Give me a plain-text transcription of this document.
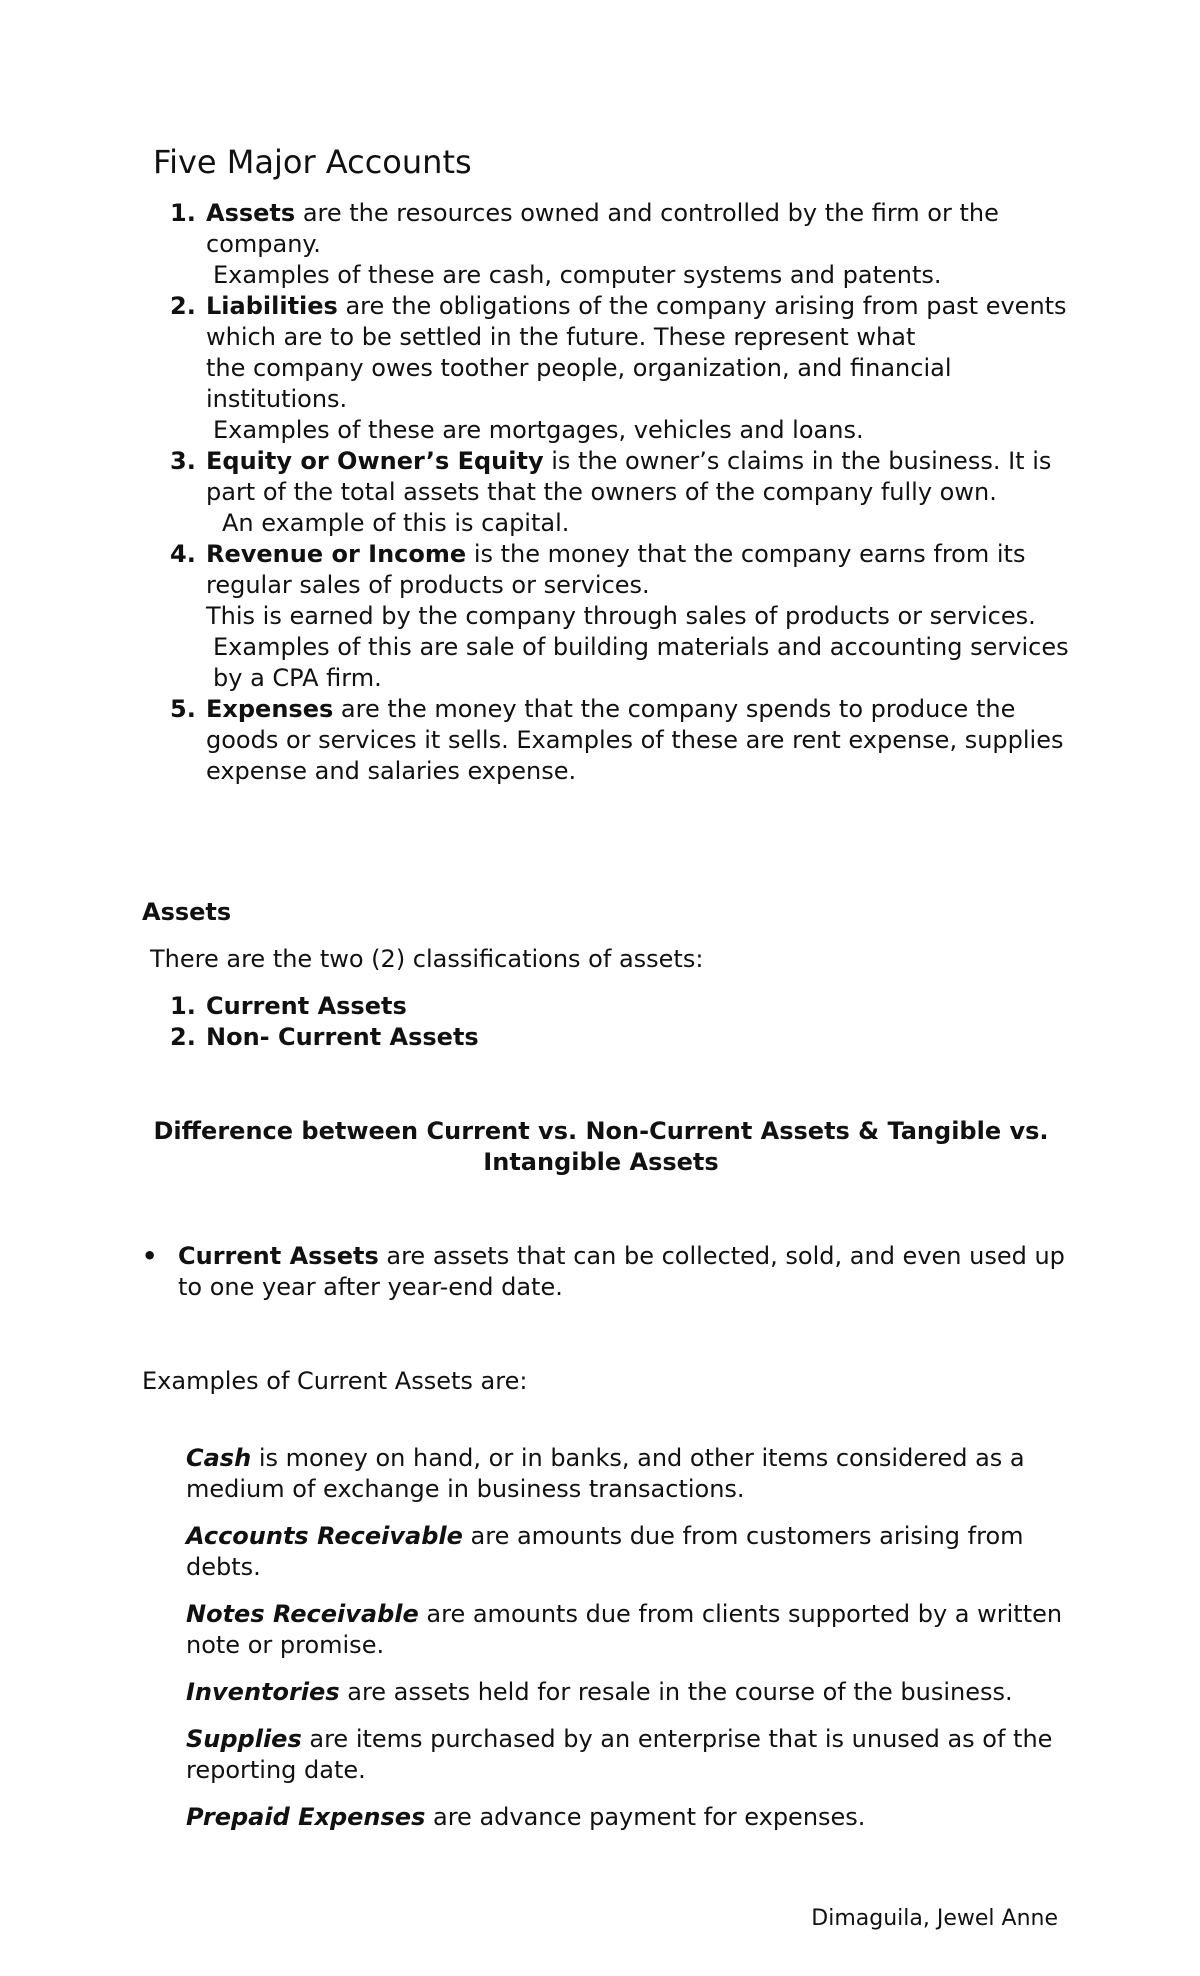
Five Major Accounts
1. Assets are the resources owned and controlled by the firm or the
company.
Examples of these are cash, computer systems and patents.
2. Liabilities are the obligations of the company arising from past events
which are to be settled in the future. These represent what
the company owes toother people, organization, and financial
institutions.
Examples of these are mortgages, vehicles and loans.
3. Equity or Owner’s Equity is the owner’s claims in the business. It is
part of the total assets that the owners of the company fully own.
An example of this is capital.
4. Revenue or Income is the money that the company earns from its
regular sales of products or services.
This is earned by the company through sales of products or services.
Examples of this are sale of building materials and accounting services
by a CPA firm.
5. Expenses are the money that the company spends to produce the
goods or services it sells. Examples of these are rent expense, supplies
expense and salaries expense.
Assets
There are the two (2) classifications of assets:
1. Current Assets
2. Non- Current Assets
Difference between Current vs. Non-Current Assets & Tangible vs.
Intangible Assets
• Current Assets are assets that can be collected, sold, and even used up
to one year after year-end date.
Examples of Current Assets are:
Cash is money on hand, or in banks, and other items considered as a
medium of exchange in business transactions.
Accounts Receivable are amounts due from customers arising from
debts.
Notes Receivable are amounts due from clients supported by a written
note or promise.
Inventories are assets held for resale in the course of the business.
Supplies are items purchased by an enterprise that is unused as of the
reporting date.
Prepaid Expenses are advance payment for expenses.
Dimaguila, Jewel Anne
